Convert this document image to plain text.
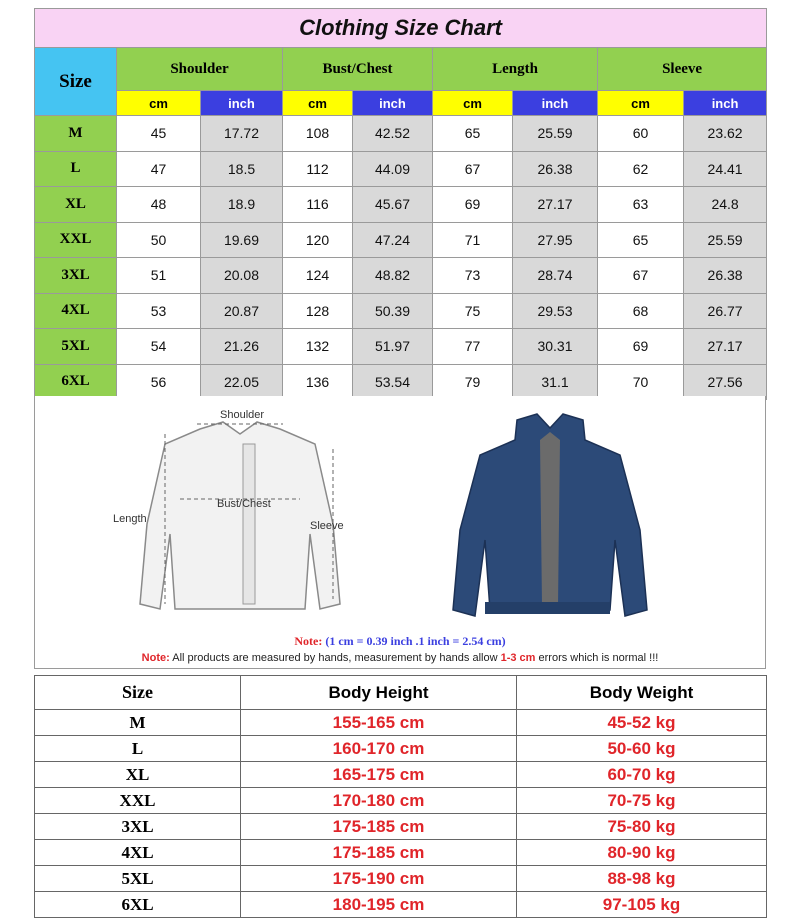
Clothing Size Chart								
Size	Shoulder		Bust/Chest		Length		Sleeve	
	cm	inch	cm	inch	cm	inch	cm	inch
M	45	17.72	108	42.52	65	25.59	60	23.62
L	47	18.5	112	44.09	67	26.38	62	24.41
XL	48	18.9	116	45.67	69	27.17	63	24.8
XXL	50	19.69	120	47.24	71	27.95	65	25.59
3XL	51	20.08	124	48.82	73	28.74	67	26.38
4XL	53	20.87	128	50.39	75	29.53	68	26.77
5XL	54	21.26	132	51.97	77	30.31	69	27.17
6XL	56	22.05	136	53.54	79	31.1	70	27.56
Shoulder
Bust/Chest
Length
Sleeve
Note: (1 cm = 0.39 inch .1 inch = 2.54 cm)
Note: All products are measured by hands, measurement by hands allow 1-3 cm errors which is normal !!!
Size	Body Height	Body Weight
M	155-165 cm	45-52 kg
L	160-170 cm	50-60 kg
XL	165-175 cm	60-70 kg
XXL	170-180 cm	70-75 kg
3XL	175-185 cm	75-80 kg
4XL	175-185 cm	80-90 kg
5XL	175-190 cm	88-98 kg
6XL	180-195 cm	97-105 kg
